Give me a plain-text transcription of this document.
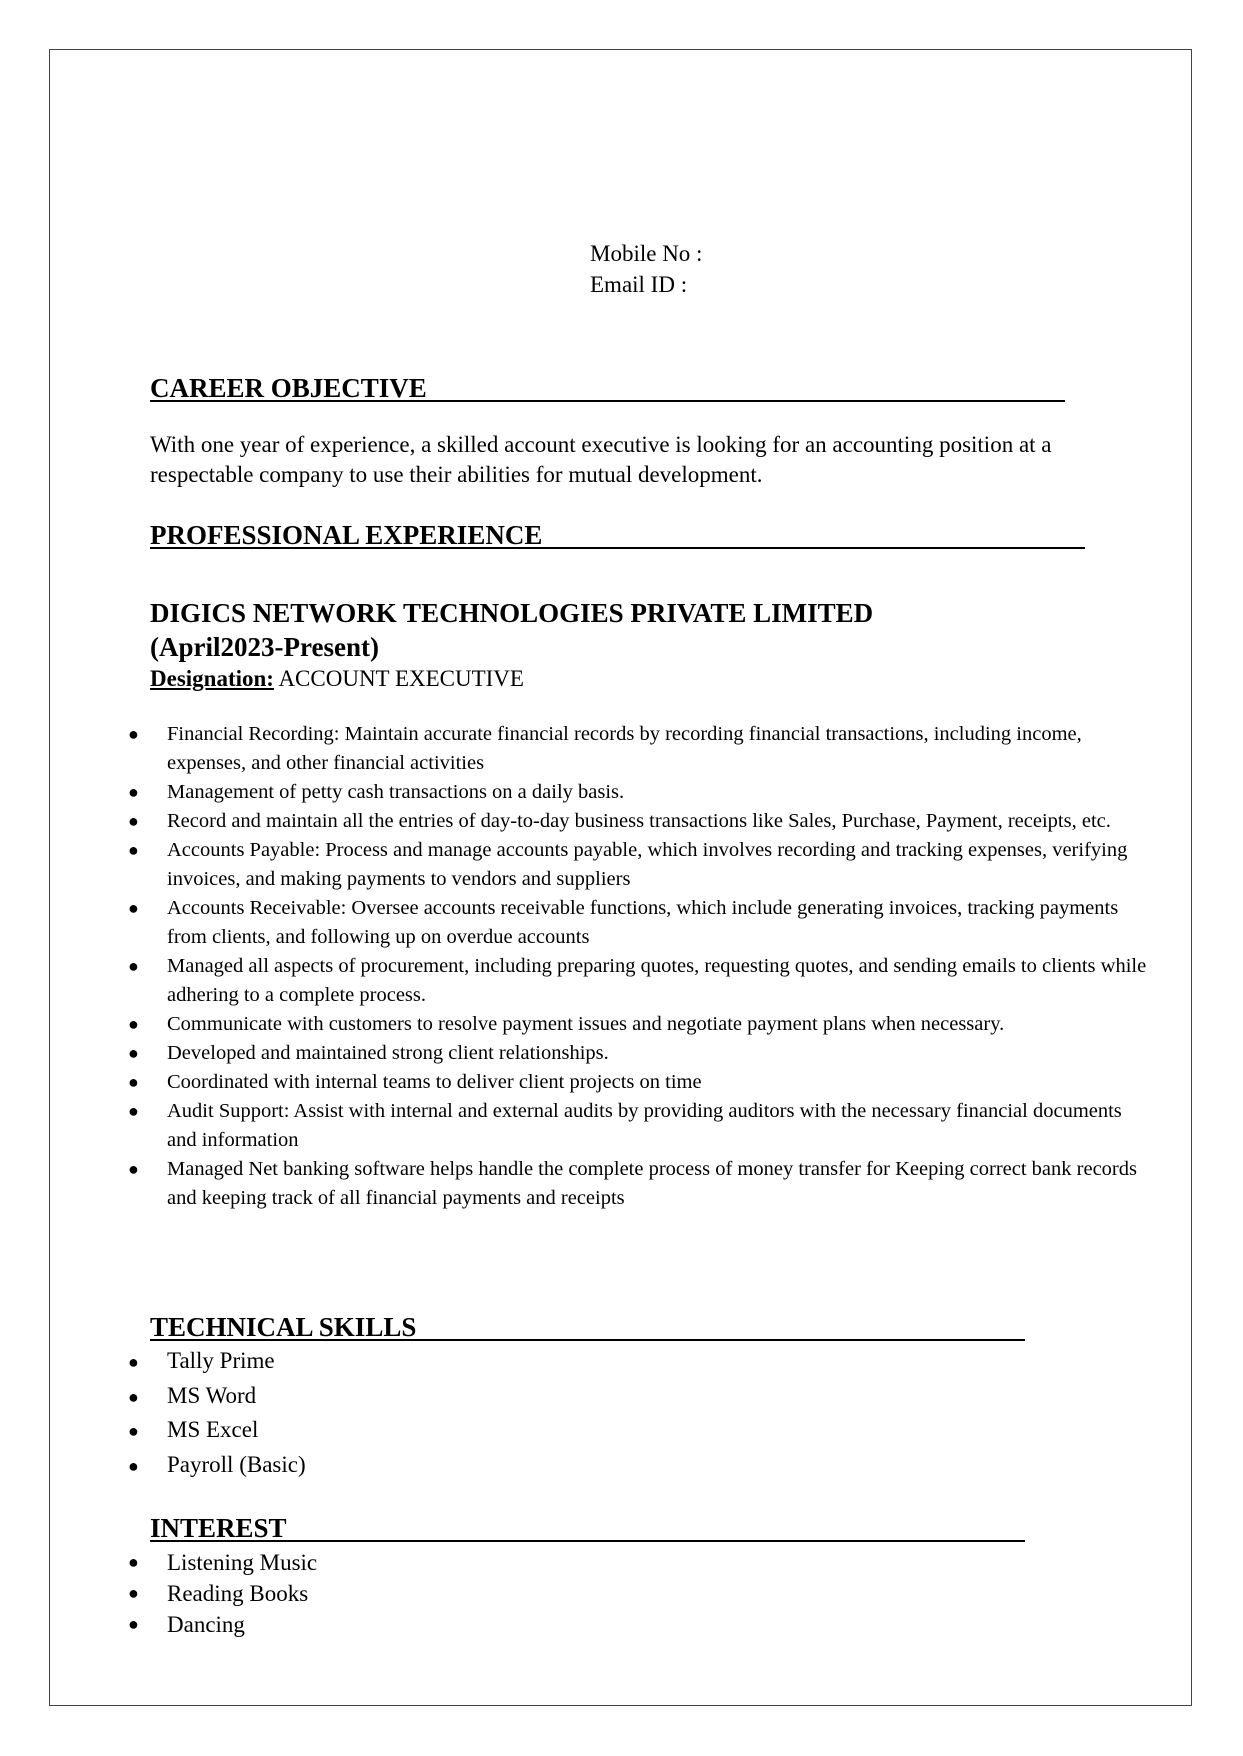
Mobile No :
Email ID :
CAREER OBJECTIVE
With one year of experience, a skilled account executive is looking for an accounting position at a respectable company to use their abilities for mutual development.
PROFESSIONAL EXPERIENCE
DIGICS NETWORK TECHNOLOGIES PRIVATE LIMITED
(April2023-Present)
Designation: ACCOUNT EXECUTIVE
● Financial Recording: Maintain accurate financial records by recording financial transactions, including income, expenses, and other financial activities
● Management of petty cash transactions on a daily basis.
● Record and maintain all the entries of day-to-day business transactions like Sales, Purchase, Payment, receipts, etc.
● Accounts Payable: Process and manage accounts payable, which involves recording and tracking expenses, verifying invoices, and making payments to vendors and suppliers
● Accounts Receivable: Oversee accounts receivable functions, which include generating invoices, tracking payments from clients, and following up on overdue accounts
● Managed all aspects of procurement, including preparing quotes, requesting quotes, and sending emails to clients while adhering to a complete process.
● Communicate with customers to resolve payment issues and negotiate payment plans when necessary.
● Developed and maintained strong client relationships.
● Coordinated with internal teams to deliver client projects on time
● Audit Support: Assist with internal and external audits by providing auditors with the necessary financial documents and information
● Managed Net banking software helps handle the complete process of money transfer for Keeping correct bank records and keeping track of all financial payments and receipts
TECHNICAL SKILLS
● Tally Prime
● MS Word
● MS Excel
● Payroll (Basic)
INTEREST
● Listening Music
● Reading Books
● Dancing
